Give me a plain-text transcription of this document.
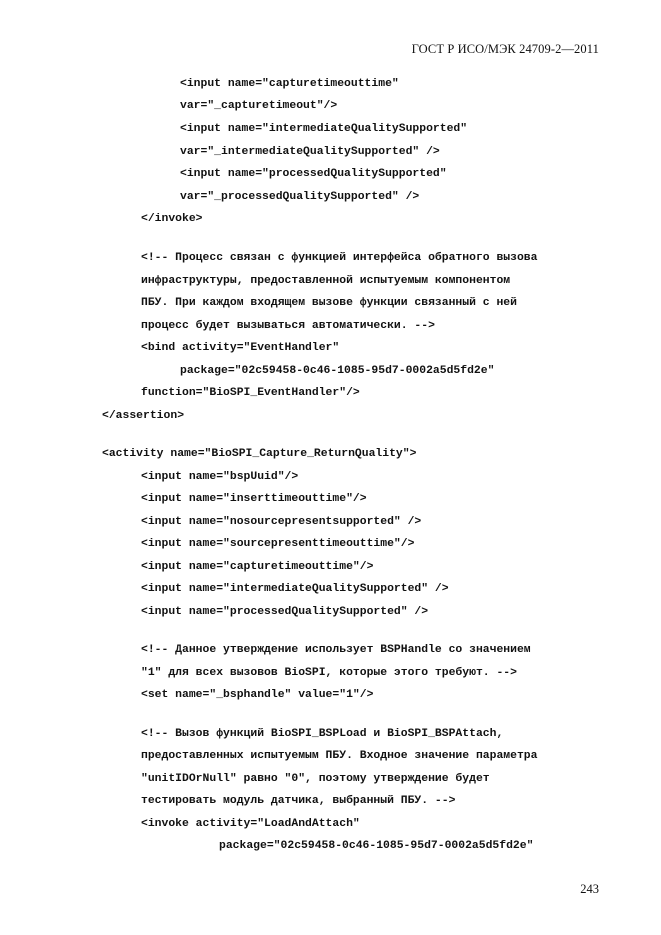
ГОСТ Р ИСО/МЭК 24709-2—2011
<input name="capturetimeouttime"
var="_capturetimeout"/>
<input name="intermediateQualitySupported"
var="_intermediateQualitySupported" />
<input name="processedQualitySupported"
var="_processedQualitySupported" />
</invoke>
<!-- Процесс связан с функцией интерфейса обратного вызова
инфраструктуры, предоставленной испытуемым компонентом
ПБУ. При каждом входящем вызове функции связанный с ней
процесс будет вызываться автоматически. -->
<bind activity="EventHandler"
package="02c59458-0c46-1085-95d7-0002a5d5fd2e"
function="BioSPI_EventHandler"/>
</assertion>
<activity name="BioSPI_Capture_ReturnQuality">
<input name="bspUuid"/>
<input name="inserttimeouttime"/>
<input name="nosourcepresentsupported" />
<input name="sourcepresenttimeouttime"/>
<input name="capturetimeouttime"/>
<input name="intermediateQualitySupported" />
<input name="processedQualitySupported" />
<!-- Данное утверждение использует BSPHandle со значением
"1" для всех вызовов BioSPI, которые этого требуют. -->
<set name="_bsphandle" value="1"/>
<!-- Вызов функций BioSPI_BSPLoad и BioSPI_BSPAttach,
предоставленных испытуемым ПБУ. Входное значение параметра
"unitIDOrNull" равно "0", поэтому утверждение будет
тестировать модуль датчика, выбранный ПБУ. -->
<invoke activity="LoadAndAttach"
package="02c59458-0c46-1085-95d7-0002a5d5fd2e"
243
